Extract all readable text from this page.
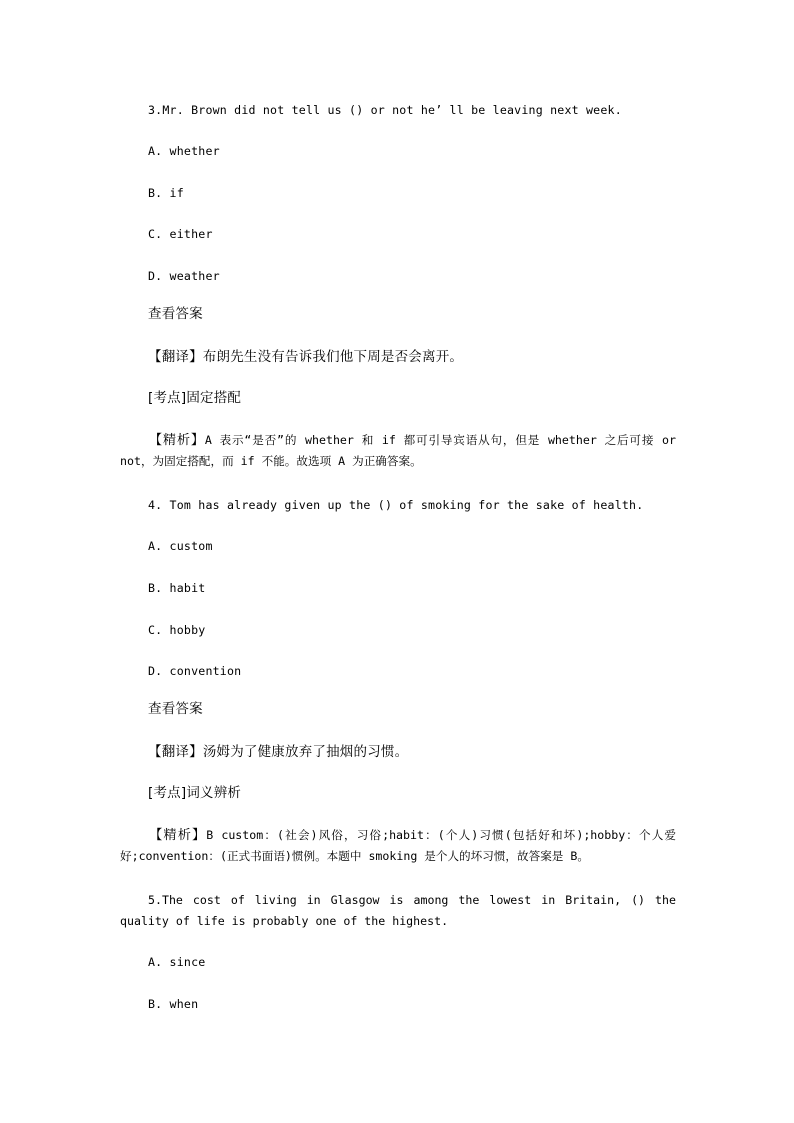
3.Mr. Brown did not tell us () or not he’ ll be leaving next week.
A. whether
B. if
C. either
D. weather
查看答案
【翻译】布朗先生没有告诉我们他下周是否会离开。
[考点]固定搭配
【精析】A 表示“是否”的 whether 和 if 都可引导宾语从句，但是 whether 之后可接 or not，为固定搭配，而 if 不能。故选项 A 为正确答案。
4. Tom has already given up the () of smoking for the sake of health.
A. custom
B. habit
C. hobby
D. convention
查看答案
【翻译】汤姆为了健康放弃了抽烟的习惯。
[考点]词义辨析
【精析】B custom：(社会)风俗，习俗;habit：(个人)习惯(包括好和坏);hobby：个人爱好;convention：(正式书面语)惯例。本题中 smoking 是个人的坏习惯，故答案是 B。
5.The cost of living in Glasgow is among the lowest in Britain, () the quality of life is probably one of the highest.
A. since
B. when
